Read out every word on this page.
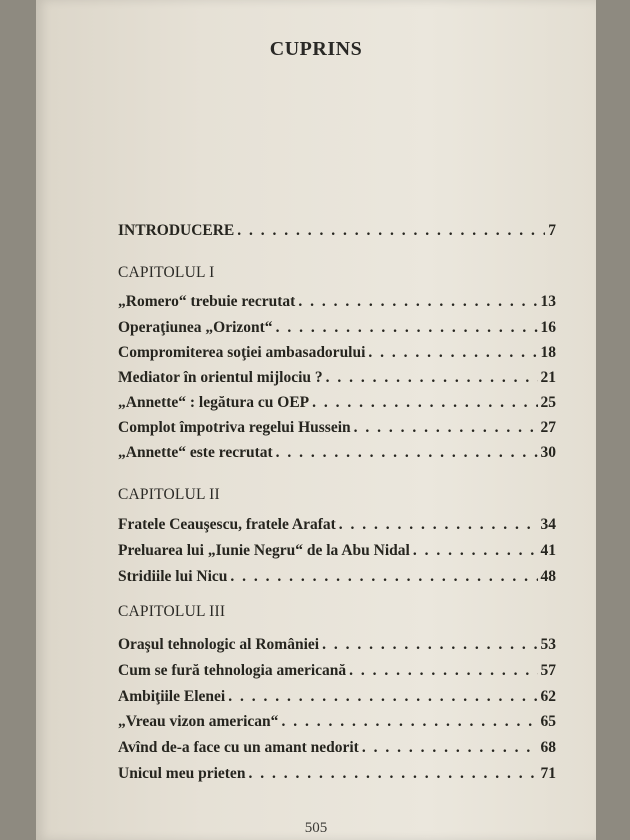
CUPRINS
INTRODUCERE . . .	7
CAPITOLUL I
„Romero“ trebuie recrutat . . .	13
Operaţiunea „Orizont“ . . .	16
Compromiterea soţiei ambasadorului . . .	18
Mediator în orientul mijlociu ? . . .	21
„Annette“ : legătura cu OEP . . .	25
Complot împotriva regelui Hussein . . .	27
„Annette“ este recrutat . . .	30
CAPITOLUL II
Fratele Ceauşescu, fratele Arafat . . .	34
Preluarea lui „Iunie Negru“ de la Abu Nidal . . .	41
Stridiile lui Nicu . . .	48
CAPITOLUL III
Oraşul tehnologic al României . . .	53
Cum se fură tehnologia americană . . .	57
Ambiţiile Elenei . . .	62
„Vreau vizon american“ . . .	65
Avînd de-a face cu un amant nedorit . . .	68
Unicul meu prieten . . .	71
505
